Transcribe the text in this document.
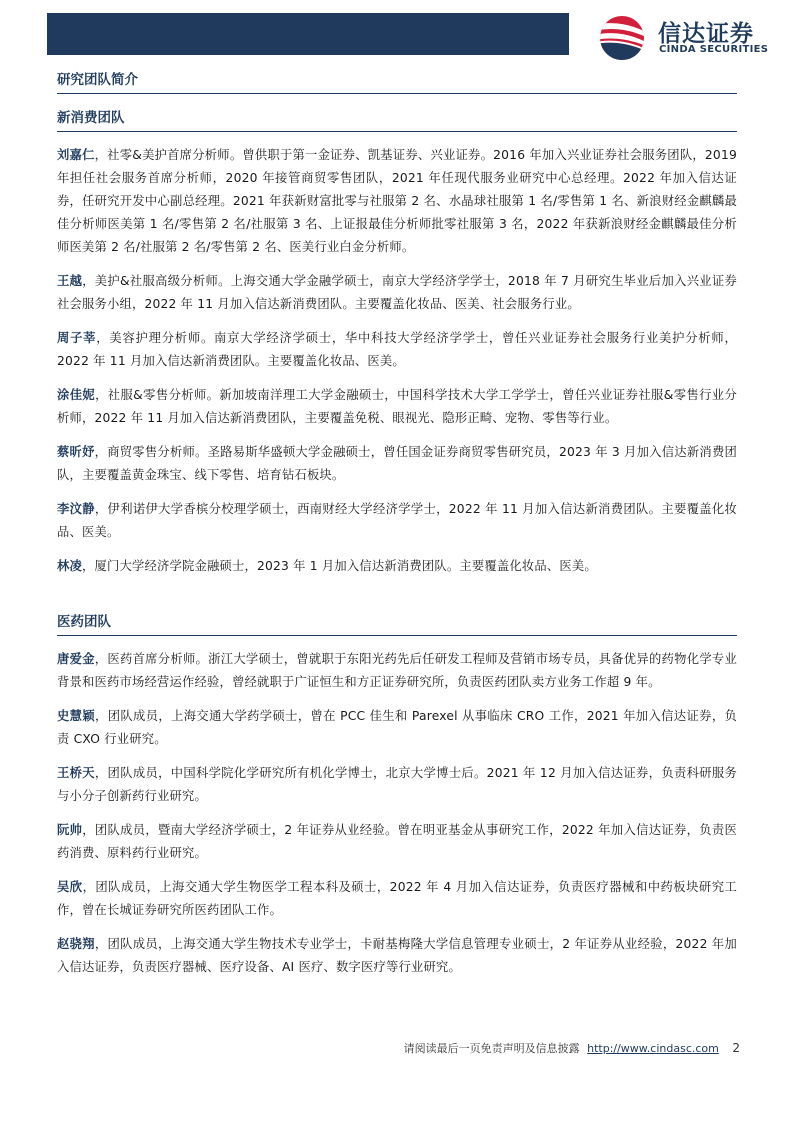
信达证券
CINDA SECURITIES
研究团队简介
新消费团队

刘嘉仁，社零&美护首席分析师。曾供职于第一金证券、凯基证券、兴业证券。2016 年加入兴业证券社会服务团队，2019 年担任社会服务首席分析师，2020 年接管商贸零售团队，2021 年任现代服务业研究中心总经理。2022 年加入信达证券，任研究开发中心副总经理。2021 年获新财富批零与社服第 2 名、水晶球社服第 1 名/零售第 1 名、新浪财经金麒麟最佳分析师医美第 1 名/零售第 2 名/社服第 3 名、上证报最佳分析师批零社服第 3 名，2022 年获新浪财经金麒麟最佳分析师医美第 2 名/社服第 2 名/零售第 2 名、医美行业白金分析师。

王越，美护&社服高级分析师。上海交通大学金融学硕士，南京大学经济学学士，2018 年 7 月研究生毕业后加入兴业证券社会服务小组，2022 年 11 月加入信达新消费团队。主要覆盖化妆品、医美、社会服务行业。

周子莘，美容护理分析师。南京大学经济学硕士，华中科技大学经济学学士，曾任兴业证券社会服务行业美护分析师，2022 年 11 月加入信达新消费团队。主要覆盖化妆品、医美。

涂佳妮，社服&零售分析师。新加坡南洋理工大学金融硕士，中国科学技术大学工学学士，曾任兴业证券社服&零售行业分析师，2022 年 11 月加入信达新消费团队，主要覆盖免税、眼视光、隐形正畸、宠物、零售等行业。

蔡昕妤，商贸零售分析师。圣路易斯华盛顿大学金融硕士，曾任国金证券商贸零售研究员，2023 年 3 月加入信达新消费团队，主要覆盖黄金珠宝、线下零售、培育钻石板块。

李汶静，伊利诺伊大学香槟分校理学硕士，西南财经大学经济学学士，2022 年 11 月加入信达新消费团队。主要覆盖化妆品、医美。

林凌，厦门大学经济学院金融硕士，2023 年 1 月加入信达新消费团队。主要覆盖化妆品、医美。

医药团队

唐爱金，医药首席分析师。浙江大学硕士，曾就职于东阳光药先后任研发工程师及营销市场专员，具备优异的药物化学专业背景和医药市场经营运作经验，曾经就职于广证恒生和方正证券研究所，负责医药团队卖方业务工作超 9 年。

史慧颖，团队成员，上海交通大学药学硕士，曾在 PCC 佳生和 Parexel 从事临床 CRO 工作，2021 年加入信达证券，负责 CXO 行业研究。

王桥天，团队成员，中国科学院化学研究所有机化学博士，北京大学博士后。2021 年 12 月加入信达证券，负责科研服务与小分子创新药行业研究。

阮帅，团队成员，暨南大学经济学硕士，2 年证券从业经验。曾在明亚基金从事研究工作，2022 年加入信达证券，负责医药消费、原料药行业研究。

吴欣，团队成员，上海交通大学生物医学工程本科及硕士，2022 年 4 月加入信达证券，负责医疗器械和中药板块研究工作，曾在长城证券研究所医药团队工作。

赵骁翔，团队成员，上海交通大学生物技术专业学士，卡耐基梅隆大学信息管理专业硕士，2 年证券从业经验，2022 年加入信达证券，负责医疗器械、医疗设备、AI 医疗、数字医疗等行业研究。

请阅读最后一页免责声明及信息披露 http://www.cindasc.com 2
